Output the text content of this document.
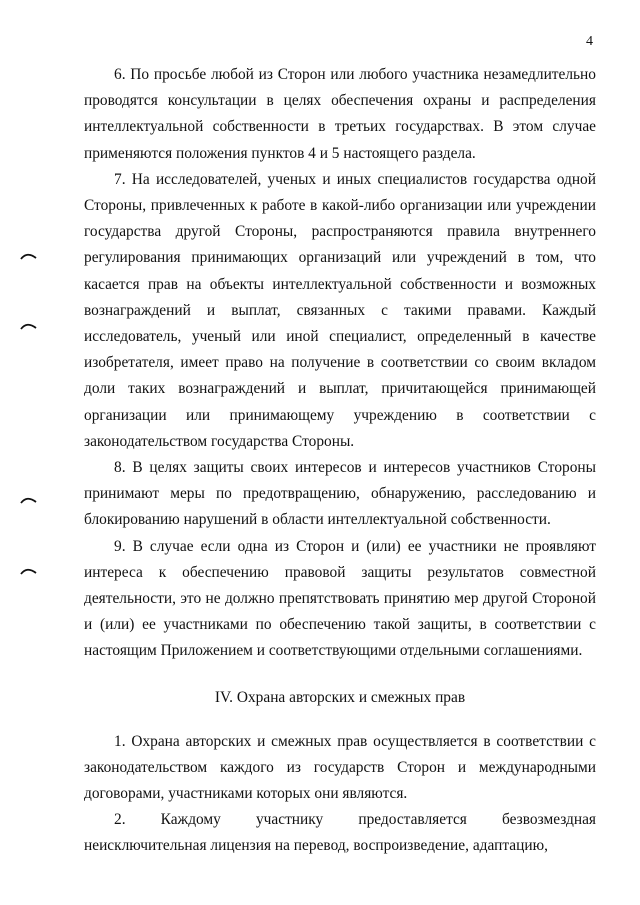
4

6. По просьбе любой из Сторон или любого участника незамедлительно проводятся консультации в целях обеспечения охраны и распределения интеллектуальной собственности в третьих государствах. В этом случае применяются положения пунктов 4 и 5 настоящего раздела.

7. На исследователей, ученых и иных специалистов государства одной Стороны, привлеченных к работе в какой-либо организации или учреждении государства другой Стороны, распространяются правила внутреннего регулирования принимающих организаций или учреждений в том, что касается прав на объекты интеллектуальной собственности и возможных вознаграждений и выплат, связанных с такими правами. Каждый исследователь, ученый или иной специалист, определенный в качестве изобретателя, имеет право на получение в соответствии со своим вкладом доли таких вознаграждений и выплат, причитающейся принимающей организации или принимающему учреждению в соответствии с законодательством государства Стороны.

8. В целях защиты своих интересов и интересов участников Стороны принимают меры по предотвращению, обнаружению, расследованию и блокированию нарушений в области интеллектуальной собственности.

9. В случае если одна из Сторон и (или) ее участники не проявляют интереса к обеспечению правовой защиты результатов совместной деятельности, это не должно препятствовать принятию мер другой Стороной и (или) ее участниками по обеспечению такой защиты, в соответствии с настоящим Приложением и соответствующими отдельными соглашениями.

IV. Охрана авторских и смежных прав

1. Охрана авторских и смежных прав осуществляется в соответствии с законодательством каждого из государств Сторон и международными договорами, участниками которых они являются.

2. Каждому участнику предоставляется безвозмездная неисключительная лицензия на перевод, воспроизведение, адаптацию,
